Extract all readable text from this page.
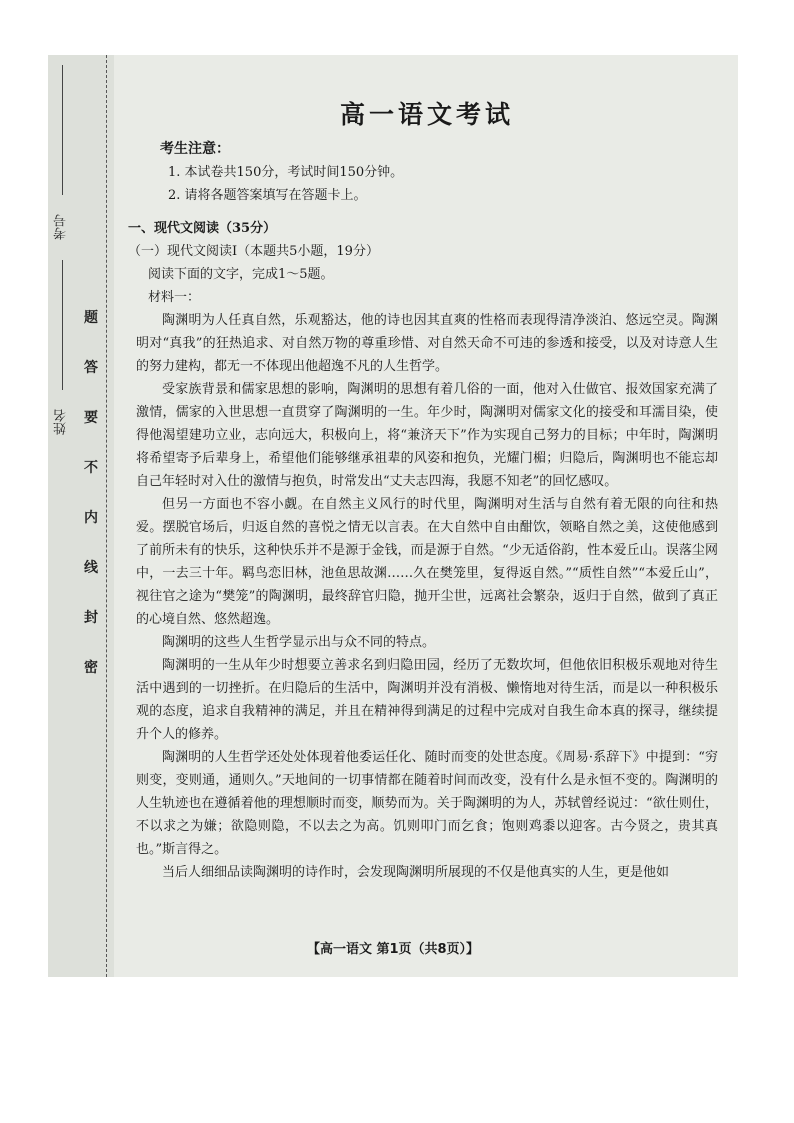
考号
姓名
题
答
要
不
内
线
封
密
高一语文考试
考生注意：
1. 本试卷共150分，考试时间150分钟。
2. 请将各题答案填写在答题卡上。
一、现代文阅读（35分）
（一）现代文阅读Ⅰ（本题共5小题，19分）
阅读下面的文字，完成1～5题。
材料一：

陶渊明为人任真自然，乐观豁达，他的诗也因其直爽的性格而表现得清净淡泊、悠远空灵。陶渊明对“真我”的狂热追求、对自然万物的尊重珍惜、对自然天命不可违的参透和接受，以及对诗意人生的努力建构，都无一不体现出他超逸不凡的人生哲学。

受家族背景和儒家思想的影响，陶渊明的思想有着几俗的一面，他对入仕做官、报效国家充满了激情，儒家的入世思想一直贯穿了陶渊明的一生。年少时，陶渊明对儒家文化的接受和耳濡目染，使得他渴望建功立业，志向远大，积极向上，将“兼济天下”作为实现自己努力的目标；中年时，陶渊明将希望寄予后辈身上，希望他们能够继承祖辈的风姿和抱负，光耀门楣；归隐后，陶渊明也不能忘却自己年轻时对入仕的激情与抱负，时常发出“丈夫志四海，我愿不知老”的回忆感叹。

但另一方面也不容小觑。在自然主义风行的时代里，陶渊明对生活与自然有着无限的向往和热爱。摆脱官场后，归返自然的喜悦之情无以言表。在大自然中自由酣饮，领略自然之美，这使他感到了前所未有的快乐，这种快乐并不是源于金钱，而是源于自然。“少无适俗韵，性本爱丘山。误落尘网中，一去三十年。羁鸟恋旧林，池鱼思故渊……久在樊笼里，复得返自然。”“质性自然”“本爱丘山”，视往官之途为“樊笼”的陶渊明，最终辞官归隐，抛开尘世，远离社会繁杂，返归于自然，做到了真正的心境自然、悠然超逸。

陶渊明的这些人生哲学显示出与众不同的特点。

陶渊明的一生从年少时想要立善求名到归隐田园，经历了无数坎坷，但他依旧积极乐观地对待生活中遇到的一切挫折。在归隐后的生活中，陶渊明并没有消极、懒惰地对待生活，而是以一种积极乐观的态度，追求自我精神的满足，并且在精神得到满足的过程中完成对自我生命本真的探寻，继续提升个人的修养。

陶渊明的人生哲学还处处体现着他委运任化、随时而变的处世态度。《周易·系辞下》中提到：“穷则变，变则通，通则久。”天地间的一切事情都在随着时间而改变，没有什么是永恒不变的。陶渊明的人生轨迹也在遵循着他的理想顺时而变，顺势而为。关于陶渊明的为人，苏轼曾经说过：“欲仕则仕，不以求之为嫌；欲隐则隐，不以去之为高。饥则叩门而乞食；饱则鸡黍以迎客。古今贤之，贵其真也。”斯言得之。

当后人细细品读陶渊明的诗作时，会发现陶渊明所展现的不仅是他真实的人生，更是他如

【高一语文 第1页（共8页）】
